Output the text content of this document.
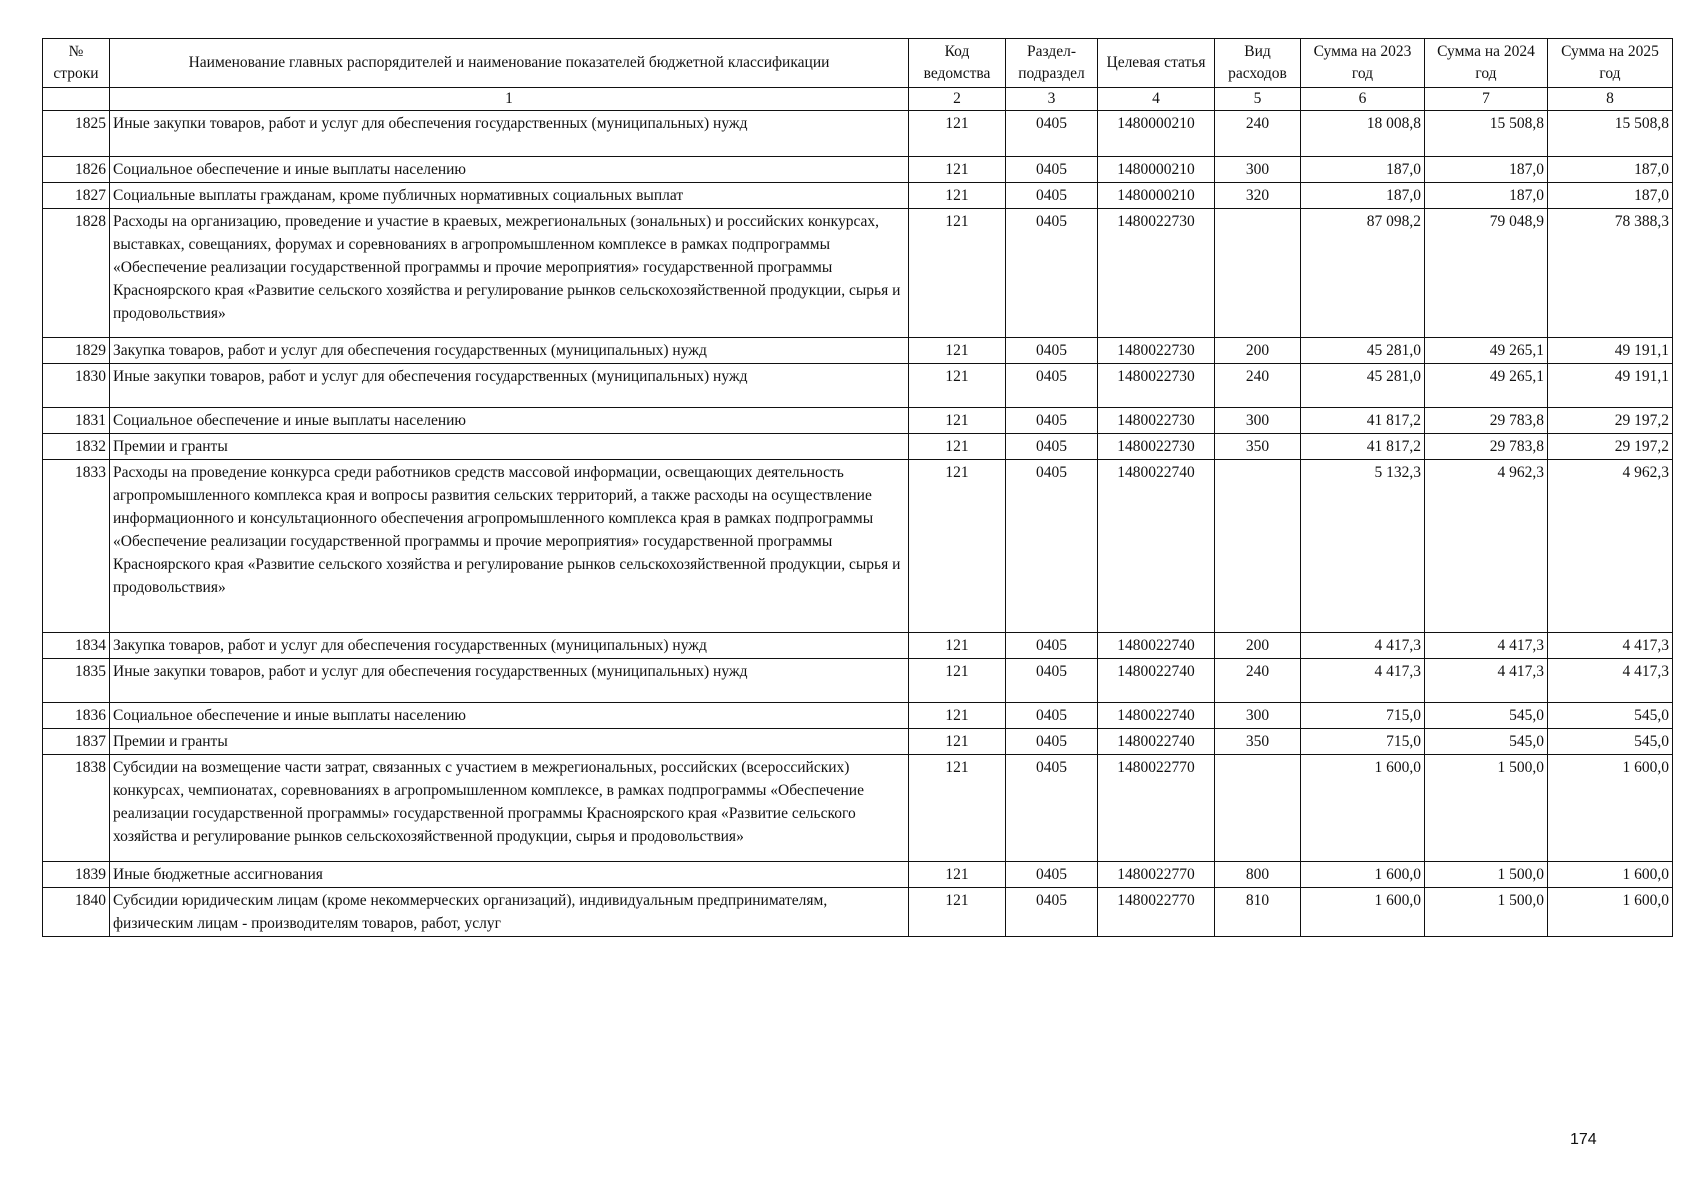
№ строки	Наименование главных распорядителей и наименование показателей бюджетной классификации	Код ведомства	Раздел-подраздел	Целевая статья	Вид расходов	Сумма на 2023 год	Сумма на 2024 год	Сумма на 2025 год
	1	2	3	4	5	6	7	8
1825	Иные закупки товаров, работ и услуг для обеспечения государственных (муниципальных) нужд	121	0405	1480000210	240	18 008,8	15 508,8	15 508,8
1826	Социальное обеспечение и иные выплаты населению	121	0405	1480000210	300	187,0	187,0	187,0
1827	Социальные выплаты гражданам, кроме публичных нормативных социальных выплат	121	0405	1480000210	320	187,0	187,0	187,0
1828	Расходы на организацию, проведение и участие в краевых, межрегиональных (зональных) и российских конкурсах, выставках, совещаниях, форумах и соревнованиях в агропромышленном комплексе в рамках подпрограммы «Обеспечение реализации государственной программы и прочие мероприятия» государственной программы Красноярского края «Развитие сельского хозяйства и регулирование рынков сельскохозяйственной продукции, сырья и продовольствия»	121	0405	1480022730		87 098,2	79 048,9	78 388,3
1829	Закупка товаров, работ и услуг для обеспечения государственных (муниципальных) нужд	121	0405	1480022730	200	45 281,0	49 265,1	49 191,1
1830	Иные закупки товаров, работ и услуг для обеспечения государственных (муниципальных) нужд	121	0405	1480022730	240	45 281,0	49 265,1	49 191,1
1831	Социальное обеспечение и иные выплаты населению	121	0405	1480022730	300	41 817,2	29 783,8	29 197,2
1832	Премии и гранты	121	0405	1480022730	350	41 817,2	29 783,8	29 197,2
1833	Расходы на проведение конкурса среди работников средств массовой информации, освещающих деятельность агропромышленного комплекса края и вопросы развития сельских территорий, а также расходы на осуществление информационного и консультационного обеспечения агропромышленного комплекса края в рамках подпрограммы «Обеспечение реализации государственной программы и прочие мероприятия» государственной программы Красноярского края «Развитие сельского хозяйства и регулирование рынков сельскохозяйственной продукции, сырья и продовольствия»	121	0405	1480022740		5 132,3	4 962,3	4 962,3
1834	Закупка товаров, работ и услуг для обеспечения государственных (муниципальных) нужд	121	0405	1480022740	200	4 417,3	4 417,3	4 417,3
1835	Иные закупки товаров, работ и услуг для обеспечения государственных (муниципальных) нужд	121	0405	1480022740	240	4 417,3	4 417,3	4 417,3
1836	Социальное обеспечение и иные выплаты населению	121	0405	1480022740	300	715,0	545,0	545,0
1837	Премии и гранты	121	0405	1480022740	350	715,0	545,0	545,0
1838	Субсидии на возмещение части затрат, связанных с участием в межрегиональных, российских (всероссийских) конкурсах, чемпионатах, соревнованиях в агропромышленном комплексе, в рамках подпрограммы «Обеспечение реализации государственной программы» государственной программы Красноярского края «Развитие сельского хозяйства и регулирование рынков сельскохозяйственной продукции, сырья и продовольствия»	121	0405	1480022770		1 600,0	1 500,0	1 600,0
1839	Иные бюджетные ассигнования	121	0405	1480022770	800	1 600,0	1 500,0	1 600,0
1840	Субсидии юридическим лицам (кроме некоммерческих организаций), индивидуальным предпринимателям, физическим лицам - производителям товаров, работ, услуг	121	0405	1480022770	810	1 600,0	1 500,0	1 600,0
174
